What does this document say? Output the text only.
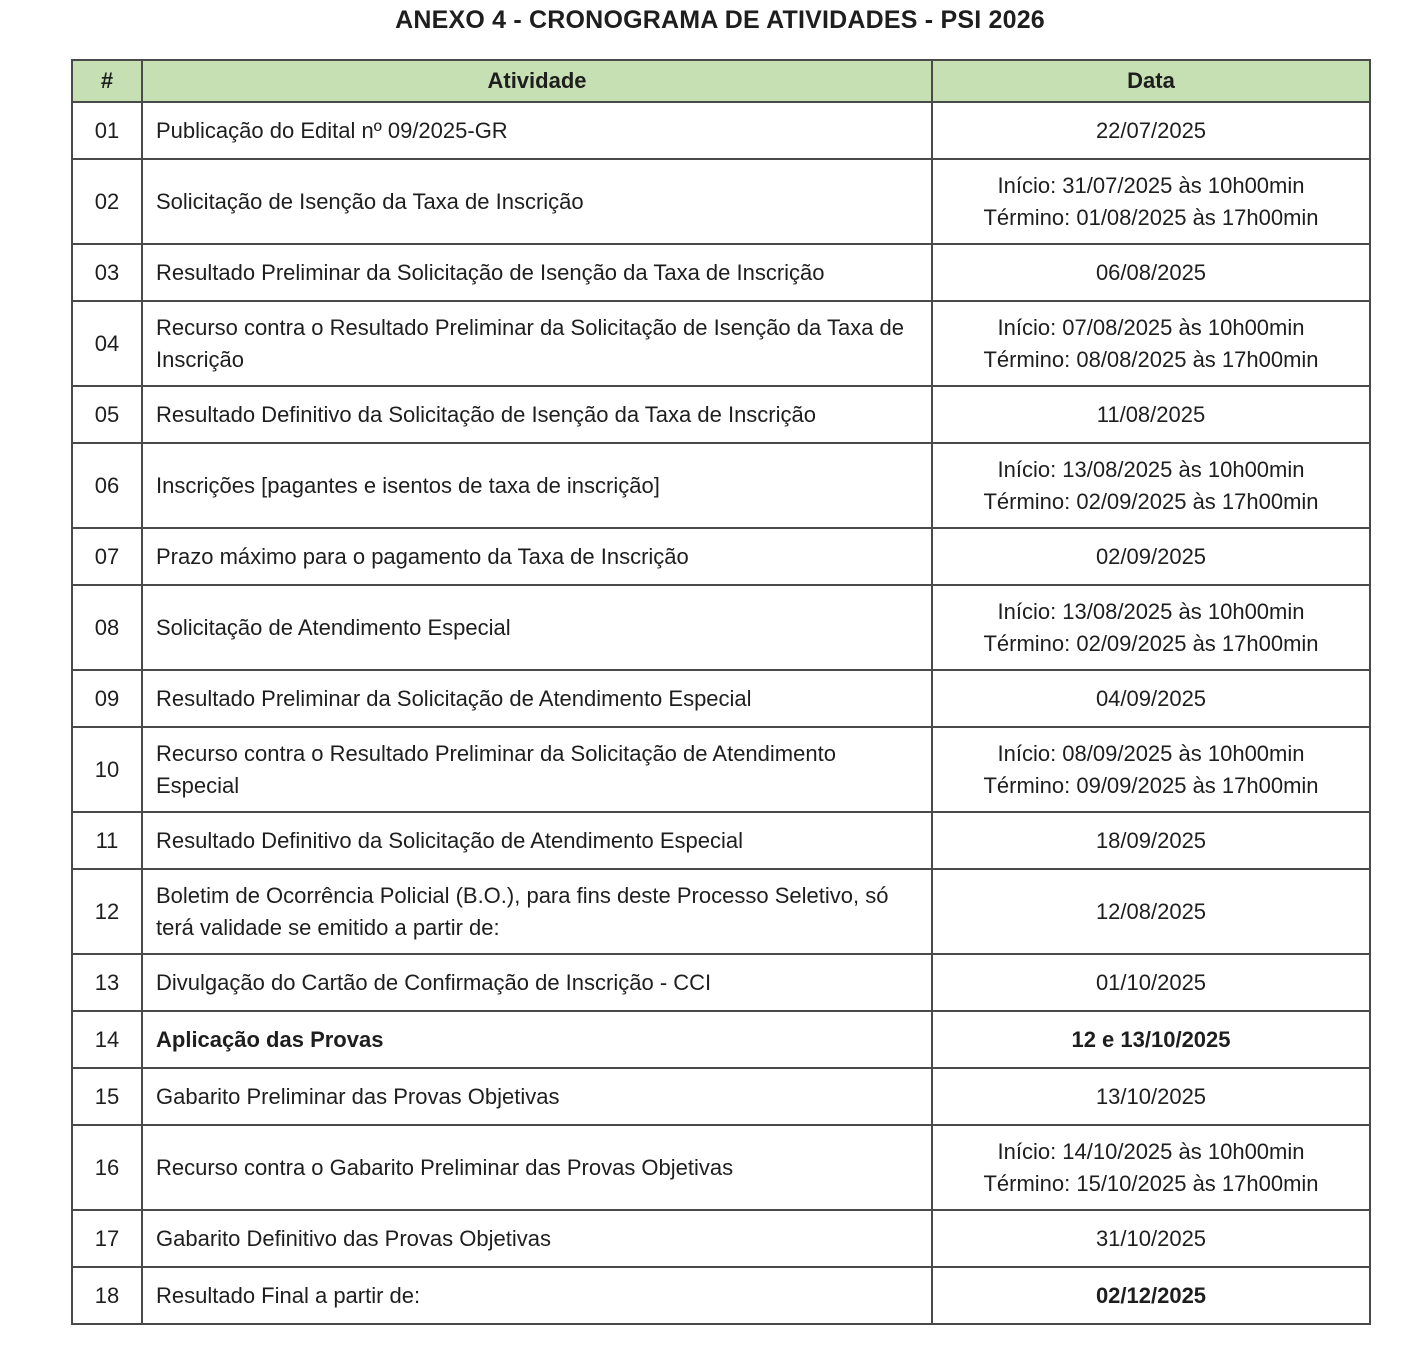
ANEXO 4 - CRONOGRAMA DE ATIVIDADES - PSI 2026
#	Atividade	Data
01	Publicação do Edital nº 09/2025-GR	22/07/2025
02	Solicitação de Isenção da Taxa de Inscrição	Início: 31/07/2025 às 10h00min
Término: 01/08/2025 às 17h00min

03	Resultado Preliminar da Solicitação de Isenção da Taxa de Inscrição	06/08/2025
04	Recurso contra o Resultado Preliminar da Solicitação de Isenção da Taxa de Inscrição	Início: 07/08/2025 às 10h00min
Término: 08/08/2025 às 17h00min

05	Resultado Definitivo da Solicitação de Isenção da Taxa de Inscrição	11/08/2025
06	Inscrições [pagantes e isentos de taxa de inscrição]	Início: 13/08/2025 às 10h00min
Término: 02/09/2025 às 17h00min

07	Prazo máximo para o pagamento da Taxa de Inscrição	02/09/2025
08	Solicitação de Atendimento Especial	Início: 13/08/2025 às 10h00min
Término: 02/09/2025 às 17h00min

09	Resultado Preliminar da Solicitação de Atendimento Especial	04/09/2025
10	Recurso contra o Resultado Preliminar da Solicitação de Atendimento Especial	Início: 08/09/2025 às 10h00min
Término: 09/09/2025 às 17h00min

11	Resultado Definitivo da Solicitação de Atendimento Especial	18/09/2025
12	Boletim de Ocorrência Policial (B.O.), para fins deste Processo Seletivo, só terá validade se emitido a partir de:	12/08/2025
13	Divulgação do Cartão de Confirmação de Inscrição - CCI	01/10/2025
14	Aplicação das Provas	12 e 13/10/2025
15	Gabarito Preliminar das Provas Objetivas	13/10/2025
16	Recurso contra o Gabarito Preliminar das Provas Objetivas	Início: 14/10/2025 às 10h00min
Término: 15/10/2025 às 17h00min

17	Gabarito Definitivo das Provas Objetivas	31/10/2025
18	Resultado Final a partir de:	02/12/2025
